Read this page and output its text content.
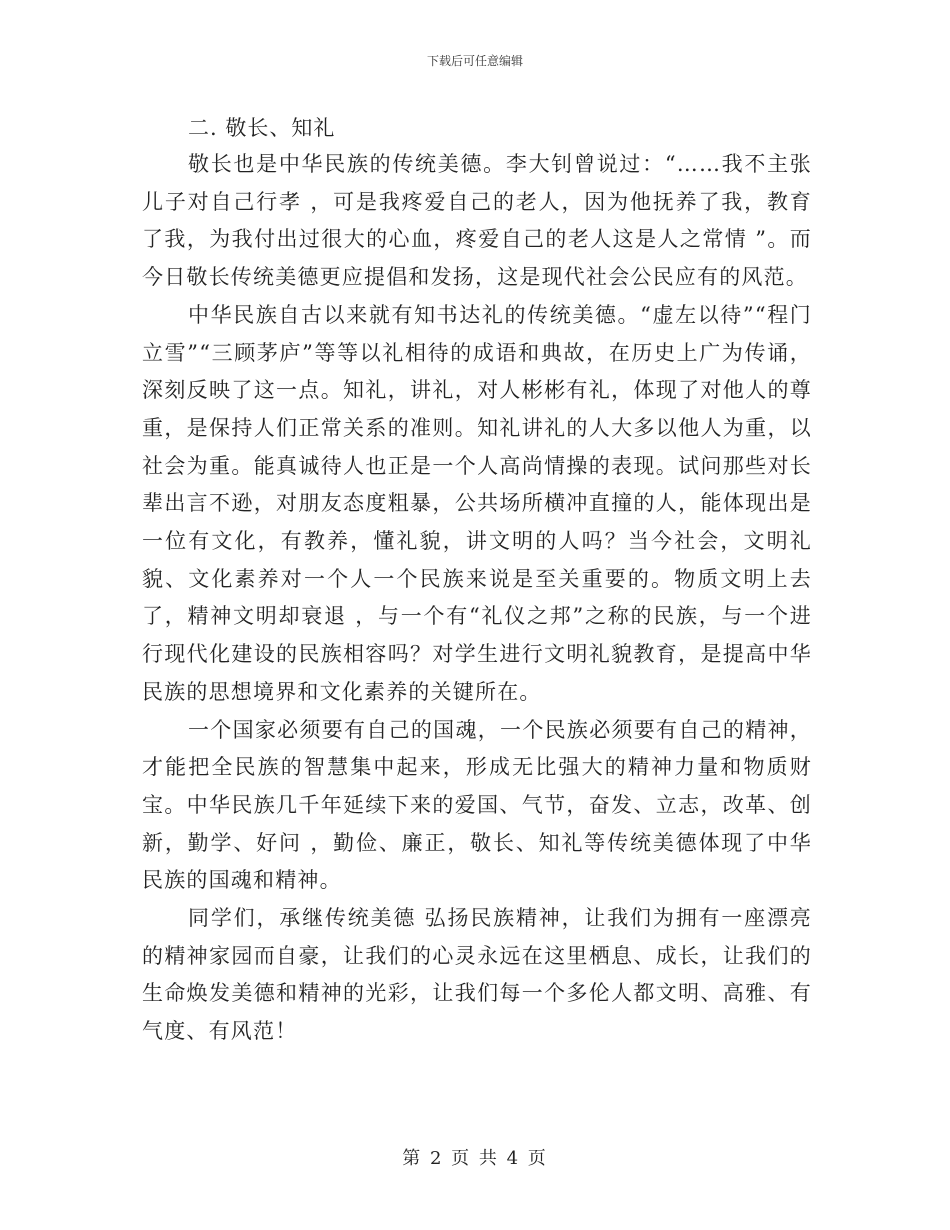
下载后可任意编辑
二. 敬长、知礼

敬长也是中华民族的传统美德。李大钊曾说过：“……我不主张儿子对自己行孝 ，可是我疼爱自己的老人，因为他抚养了我，教育了我，为我付出过很大的心血，疼爱自己的老人这是人之常情 ”。而今日敬长传统美德更应提倡和发扬，这是现代社会公民应有的风范。

中华民族自古以来就有知书达礼的传统美德。“虚左以待”“程门立雪”“三顾茅庐”等等以礼相待的成语和典故，在历史上广为传诵，深刻反映了这一点。知礼，讲礼，对人彬彬有礼，体现了对他人的尊重，是保持人们正常关系的准则。知礼讲礼的人大多以他人为重，以社会为重。能真诚待人也正是一个人高尚情操的表现。试问那些对长辈出言不逊，对朋友态度粗暴，公共场所横冲直撞的人，能体现出是一位有文化，有教养，懂礼貌，讲文明的人吗？当今社会，文明礼貌、文化素养对一个人一个民族来说是至关重要的。物质文明上去了，精神文明却衰退 ，与一个有“礼仪之邦”之称的民族，与一个进行现代化建设的民族相容吗？对学生进行文明礼貌教育，是提高中华民族的思想境界和文化素养的关键所在。

一个国家必须要有自己的国魂，一个民族必须要有自己的精神，才能把全民族的智慧集中起来，形成无比强大的精神力量和物质财宝。中华民族几千年延续下来的爱国、气节，奋发、立志，改革、创新，勤学、好问 ，勤俭、廉正，敬长、知礼等传统美德体现了中华民族的国魂和精神。

同学们，承继传统美德 弘扬民族精神，让我们为拥有一座漂亮的精神家园而自豪，让我们的心灵永远在这里栖息、成长，让我们的生命焕发美德和精神的光彩，让我们每一个多伦人都文明、高雅、有气度、有风范！

第 2 页 共 4 页
